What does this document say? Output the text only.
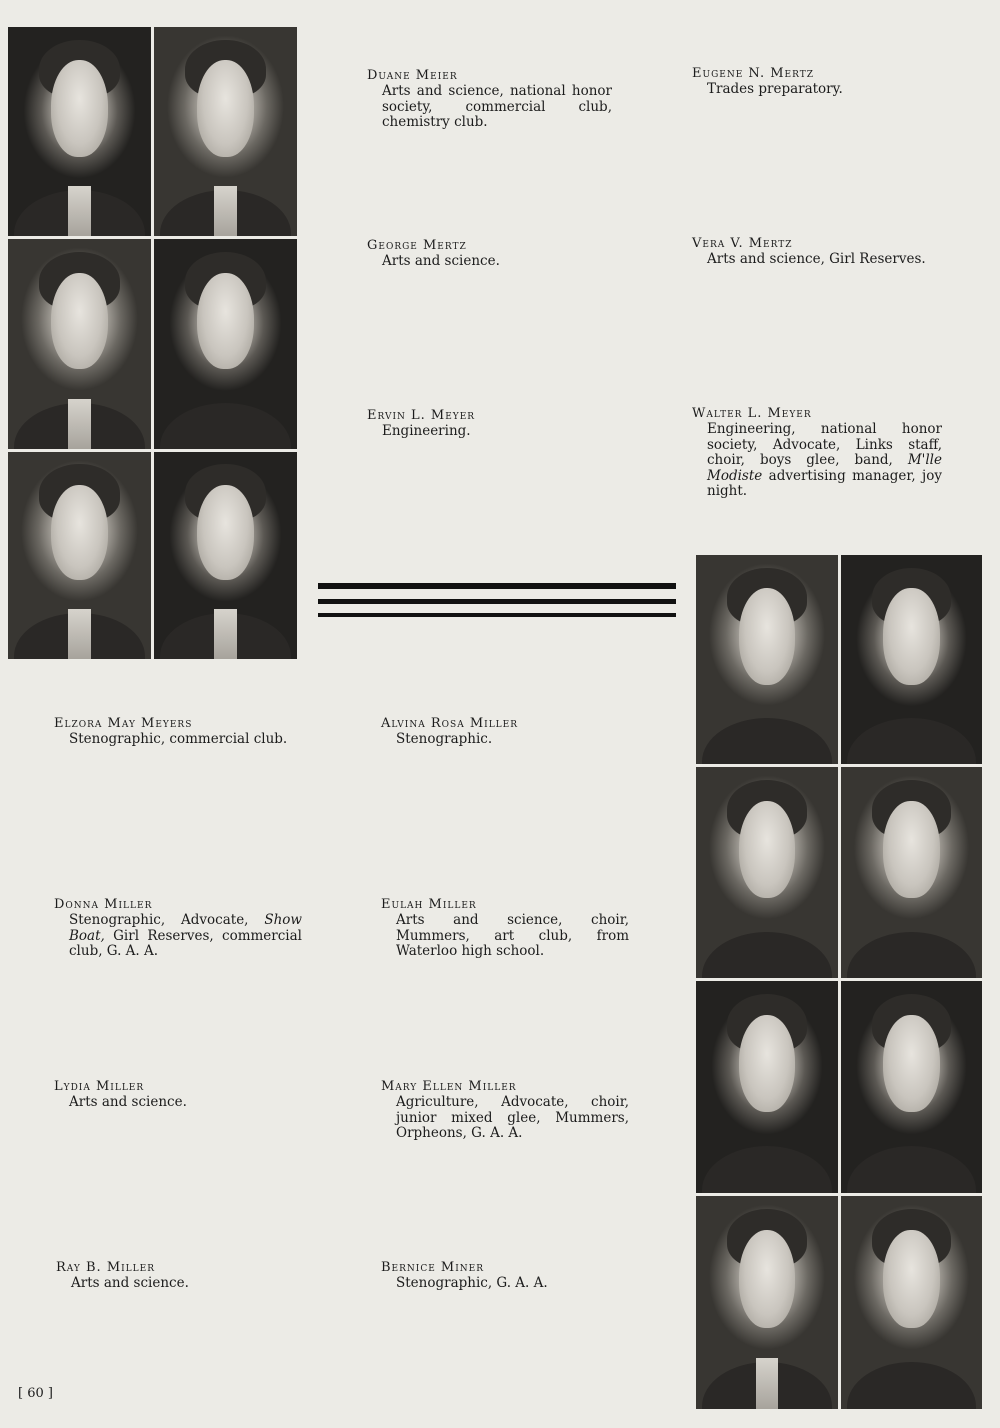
Duane Meier
Arts and science, national honor society, commercial club, chemistry club.
Eugene N. Mertz
Trades preparatory.
George Mertz
Arts and science.
Vera V. Mertz
Arts and science, Girl Reserves.
Ervin L. Meyer
Engineering.
Walter L. Meyer
Engineering, national honor society, Advocate, Links staff, choir, boys glee, band, M'lle Modiste advertising manager, joy night.
Elzora May Meyers
Stenographic, commercial club.
Alvina Rosa Miller
Stenographic.
Donna Miller
Stenographic, Advocate, Show Boat, Girl Reserves, commercial club, G. A. A.
Eulah Miller
Arts and science, choir, Mummers, art club, from Waterloo high school.
Lydia Miller
Arts and science.
Mary Ellen Miller
Agriculture, Advocate, choir, junior mixed glee, Mummers, Orpheons, G. A. A.
Ray B. Miller
Arts and science.
Bernice Miner
Stenographic, G. A. A.
[ 60 ]
